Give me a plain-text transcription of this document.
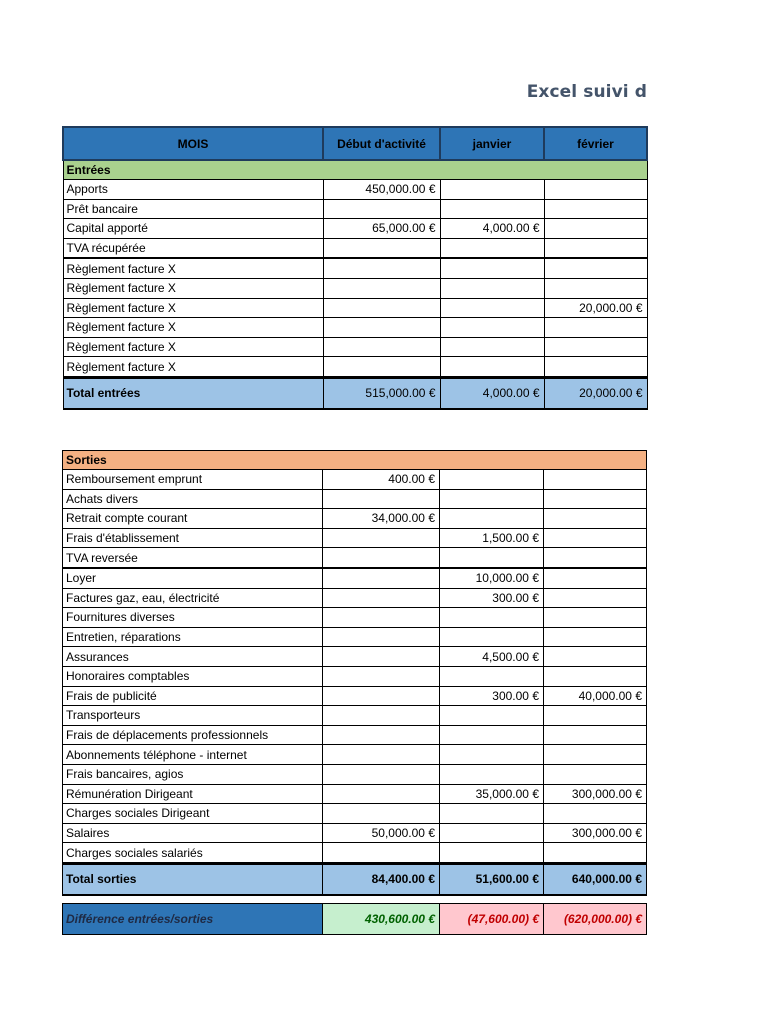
Excel suivi d
MOIS	Début d'activité	janvier	février
Entrées			
Apports	450,000.00 €		
Prêt bancaire			
Capital apporté	65,000.00 €	4,000.00 €	
TVA récupérée			
Règlement facture X			
Règlement facture X			
Règlement facture X			20,000.00 €
Règlement facture X			
Règlement facture X			
Règlement facture X			
Total entrées	515,000.00 €	4,000.00 €	20,000.00 €
Sorties			
Remboursement emprunt	400.00 €		
Achats divers			
Retrait compte courant	34,000.00 €		
Frais d'établissement		1,500.00 €	
TVA reversée			
Loyer		10,000.00 €	
Factures gaz, eau, électricité		300.00 €	
Fournitures diverses			
Entretien, réparations			
Assurances		4,500.00 €	
Honoraires comptables			
Frais de publicité		300.00 €	40,000.00 €
Transporteurs			
Frais de déplacements professionnels			
Abonnements téléphone - internet			
Frais bancaires, agios			
Rémunération Dirigeant		35,000.00 €	300,000.00 €
Charges sociales Dirigeant			
Salaires	50,000.00 €		300,000.00 €
Charges sociales salariés			
Total sorties	84,400.00 €	51,600.00 €	640,000.00 €
Différence entrées/sorties	430,600.00 €	(47,600.00) €	(620,000.00) €
